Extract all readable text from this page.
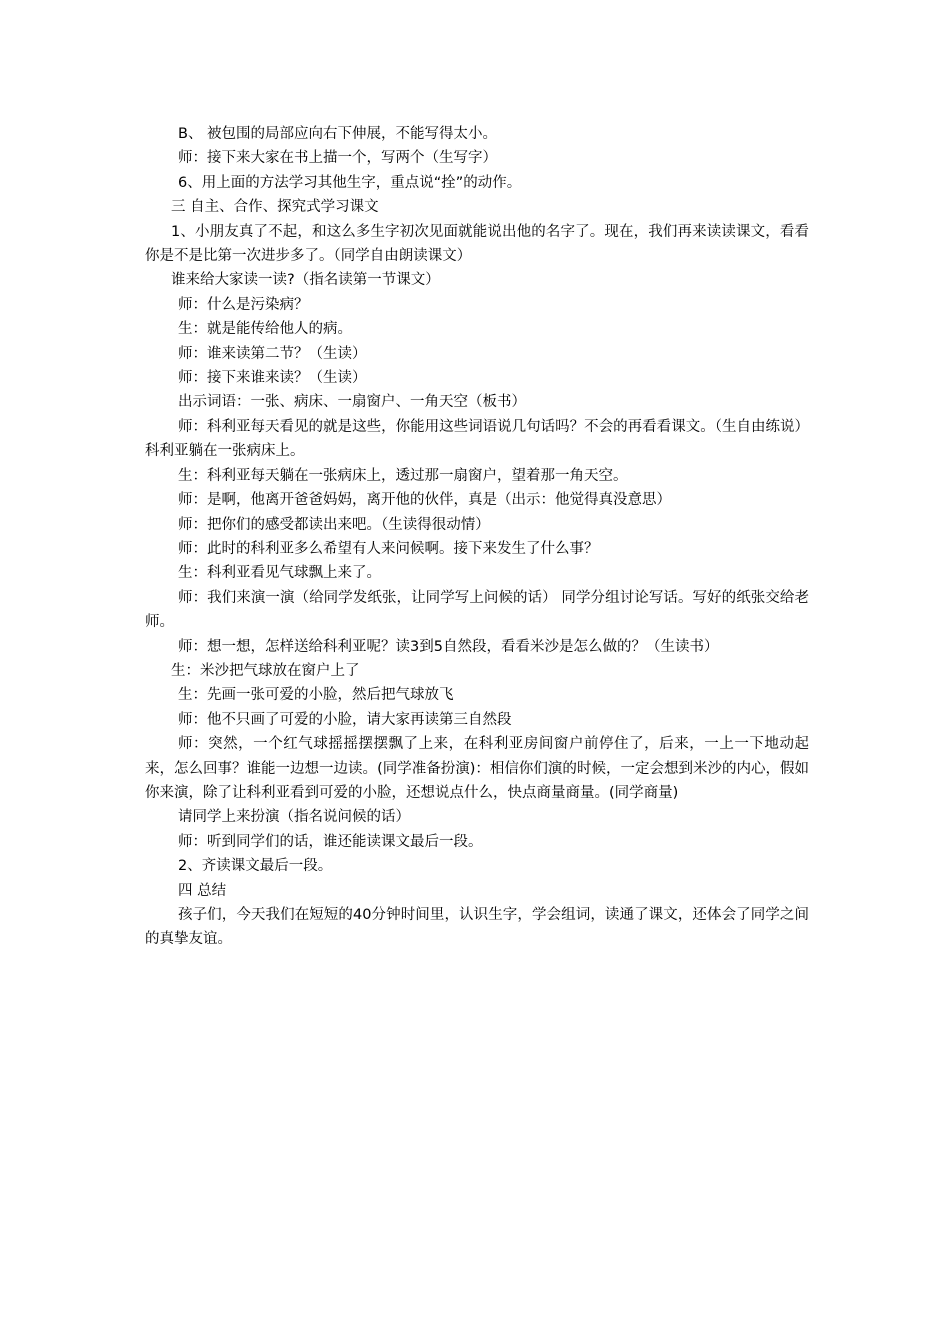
B、 被包围的局部应向右下伸展，不能写得太小。

师：接下来大家在书上描一个，写两个（生写字）

6、用上面的方法学习其他生字，重点说“拴”的动作。

三 自主、合作、探究式学习课文

1、小朋友真了不起，和这么多生字初次见面就能说出他的名字了。现在，我们再来读读课文，看看你是不是比第一次进步多了。（同学自由朗读课文）

谁来给大家读一读?（指名读第一节课文）

师：什么是污染病？

生：就是能传给他人的病。

师：谁来读第二节？（生读）

师：接下来谁来读？（生读）

出示词语：一张、病床、一扇窗户、一角天空（板书）

师：科利亚每天看见的就是这些，你能用这些词语说几句话吗？不会的再看看课文。（生自由练说）科利亚躺在一张病床上。

生：科利亚每天躺在一张病床上，透过那一扇窗户，望着那一角天空。

师：是啊，他离开爸爸妈妈，离开他的伙伴，真是（出示：他觉得真没意思）

师：把你们的感受都读出来吧。（生读得很动情）

师：此时的科利亚多么希望有人来问候啊。接下来发生了什么事？

生：科利亚看见气球飘上来了。

师：我们来演一演（给同学发纸张，让同学写上问候的话） 同学分组讨论写话。写好的纸张交给老师。

师：想一想，怎样送给科利亚呢？读3到5自然段，看看米沙是怎么做的？（生读书）

生：米沙把气球放在窗户上了

生：先画一张可爱的小脸，然后把气球放飞

师：他不只画了可爱的小脸，请大家再读第三自然段

师：突然，一个红气球摇摇摆摆飘了上来，在科利亚房间窗户前停住了，后来，一上一下地动起来，怎么回事？谁能一边想一边读。(同学准备扮演)：相信你们演的时候，一定会想到米沙的内心，假如你来演，除了让科利亚看到可爱的小脸，还想说点什么，快点商量商量。(同学商量)

请同学上来扮演（指名说问候的话）

师：听到同学们的话，谁还能读课文最后一段。

2、齐读课文最后一段。

四 总结

孩子们，今天我们在短短的40分钟时间里，认识生字，学会组词，读通了课文，还体会了同学之间的真挚友谊。
